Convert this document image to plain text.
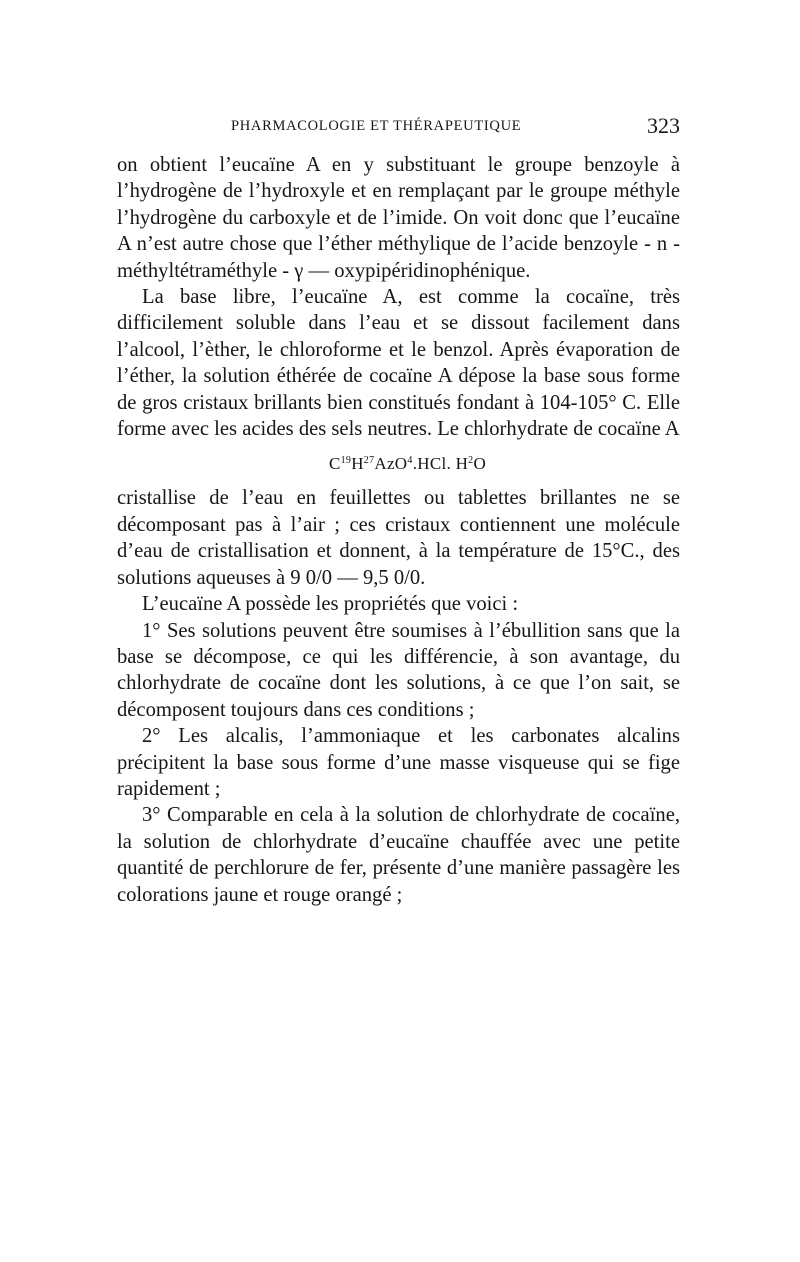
PHARMACOLOGIE ET THÉRAPEUTIQUE	323

on obtient l’eucaïne A en y substituant le groupe benzoyle à l’hydrogène de l’hydroxyle et en remplaçant par le groupe méthyle l’hydrogène du carboxyle et de l’imide. On voit donc que l’eucaïne A n’est autre chose que l’éther méthylique de l’acide benzoyle - n - méthyltétraméthyle - γ — oxypipéridinophénique.

La base libre, l’eucaïne A, est comme la cocaïne, très difficilement soluble dans l’eau et se dissout facilement dans l’alcool, l’èther, le chloroforme et le benzol. Après évaporation de l’éther, la solution éthérée de cocaïne A dépose la base sous forme de gros cristaux brillants bien constitués fondant à 104-105° C. Elle forme avec les acides des sels neutres. Le chlorhydrate de cocaïne A

$C^{19}H^{27}AzO^4.HCl$. $H^2O$

cristallise de l’eau en feuillettes ou tablettes brillantes ne se décomposant pas à l’air ; ces cristaux contiennent une molécule d’eau de cristallisation et donnent, à la température de 15°C., des solutions aqueuses à 9 0/0 — 9,5 0/0.

L’eucaïne A possède les propriétés que voici :

1° Ses solutions peuvent être soumises à l’ébullition sans que la base se décompose, ce qui les différencie, à son avantage, du chlorhydrate de cocaïne dont les solutions, à ce que l’on sait, se décomposent toujours dans ces conditions ;

2° Les alcalis, l’ammoniaque et les carbonates alcalins précipitent la base sous forme d’une masse visqueuse qui se fige rapidement ;

3° Comparable en cela à la solution de chlorhydrate de cocaïne, la solution de chlorhydrate d’eucaïne chauffée avec une petite quantité de perchlorure de fer, présente d’une manière passagère les colorations jaune et rouge orangé ;
